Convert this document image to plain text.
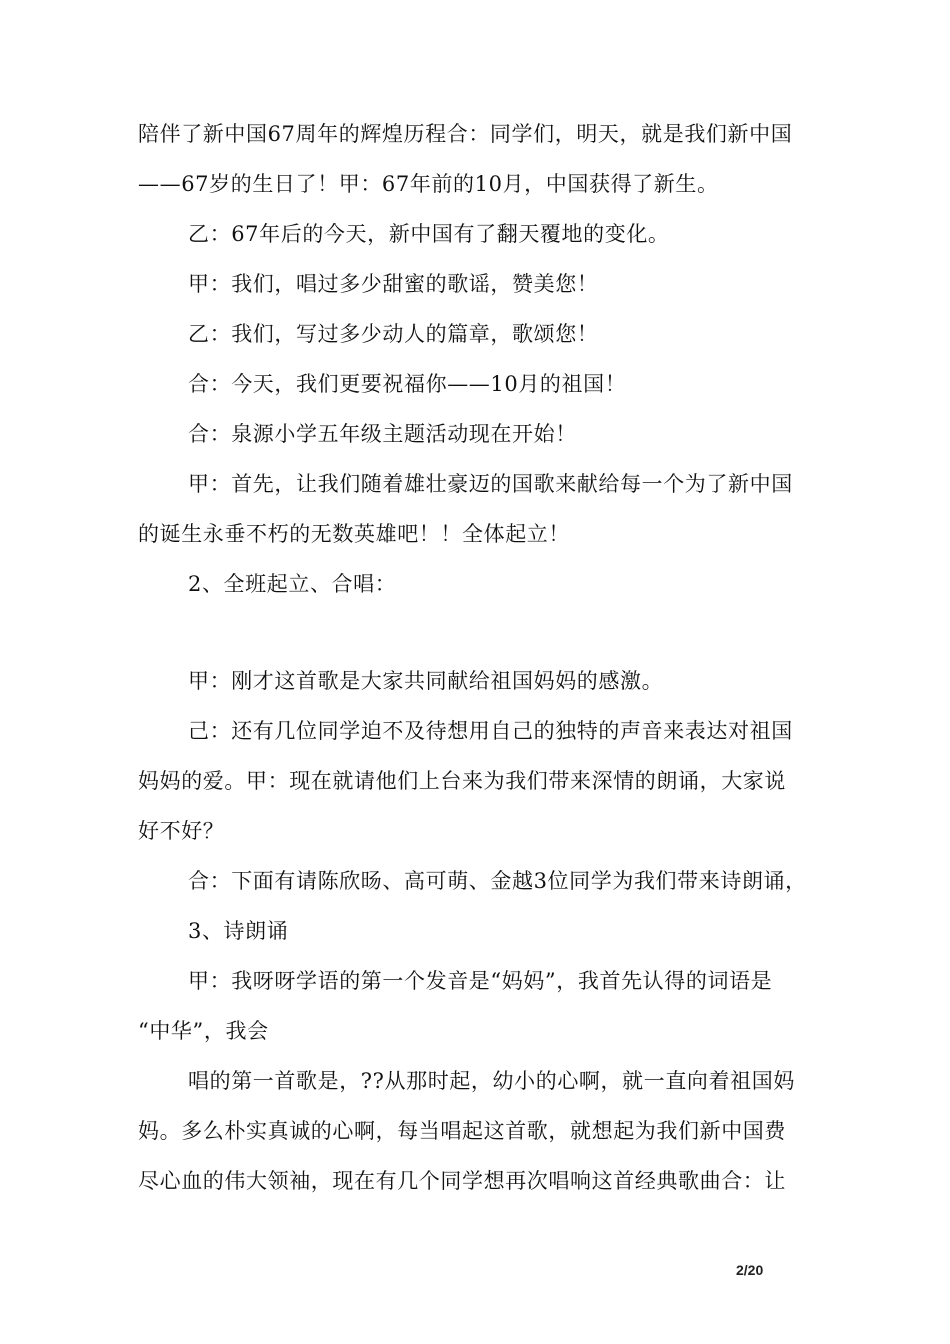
陪伴了新中国67周年的辉煌历程合：同学们，明天，就是我们新中国
——67岁的生日了！甲：67年前的10月，中国获得了新生。
乙：67年后的今天，新中国有了翻天覆地的变化。
甲：我们，唱过多少甜蜜的歌谣，赞美您！
乙：我们，写过多少动人的篇章，歌颂您！
合：今天，我们更要祝福你——10月的祖国！
合：泉源小学五年级主题活动现在开始！
甲：首先，让我们随着雄壮豪迈的国歌来献给每一个为了新中国
的诞生永垂不朽的无数英雄吧！！全体起立！
2、全班起立、合唱：
甲：刚才这首歌是大家共同献给祖国妈妈的感激。
己：还有几位同学迫不及待想用自己的独特的声音来表达对祖国
妈妈的爱。甲：现在就请他们上台来为我们带来深情的朗诵，大家说
好不好？
合：下面有请陈欣旸、高可萌、金越3位同学为我们带来诗朗诵，
3、诗朗诵
甲：我呀呀学语的第一个发音是“妈妈”，我首先认得的词语是
“中华”，我会
唱的第一首歌是，??从那时起，幼小的心啊，就一直向着祖国妈
妈。多么朴实真诚的心啊，每当唱起这首歌，就想起为我们新中国费
尽心血的伟大领袖，现在有几个同学想再次唱响这首经典歌曲合：让
2/20
